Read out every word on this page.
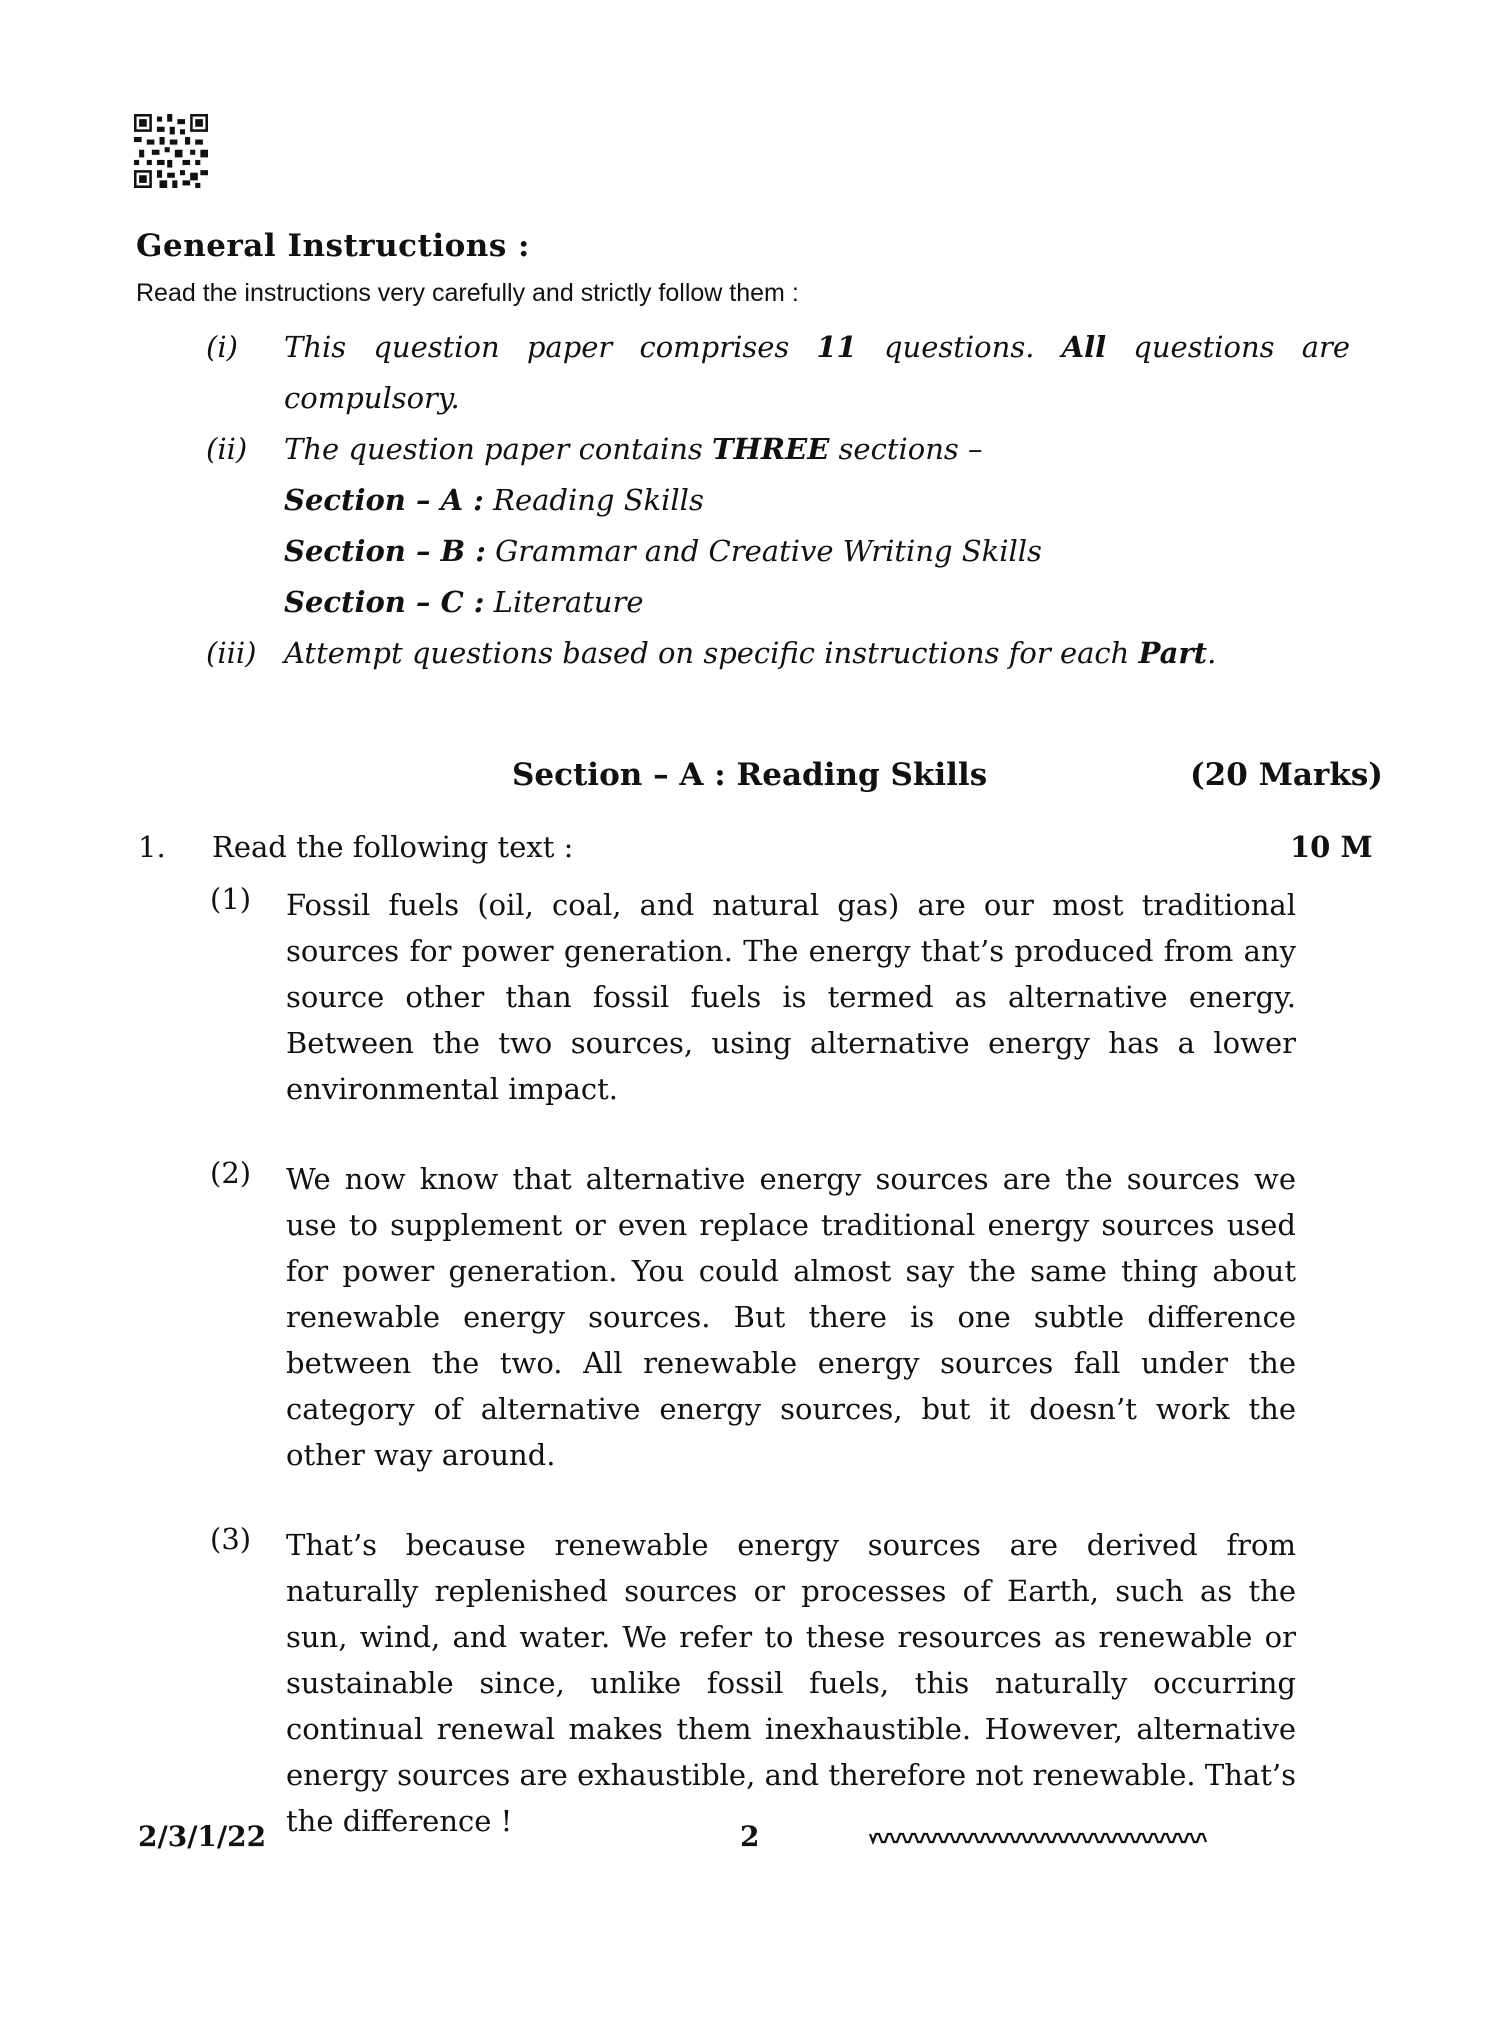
General Instructions :
Read the instructions very carefully and strictly follow them :
(i) This question paper comprises 11 questions. All questions are
compulsory.
(ii) The question paper contains THREE sections –
Section – A : Reading Skills
Section – B : Grammar and Creative Writing Skills
Section – C : Literature
(iii) Attempt questions based on specific instructions for each Part.
Section – A : Reading Skills	(20 Marks)
1. Read the following text :	10 M
(1) Fossil fuels (oil, coal, and natural gas) are our most traditional sources for power generation. The energy that’s produced from any source other than fossil fuels is termed as alternative energy. Between the two sources, using alternative energy has a lower environmental impact.
(2) We now know that alternative energy sources are the sources we use to supplement or even replace traditional energy sources used for power generation. You could almost say the same thing about renewable energy sources. But there is one subtle difference between the two. All renewable energy sources fall under the category of alternative energy sources, but it doesn’t work the other way around.
(3) That’s because renewable energy sources are derived from naturally replenished sources or processes of Earth, such as the sun, wind, and water. We refer to these resources as renewable or sustainable since, unlike fossil fuels, this naturally occurring continual renewal makes them inexhaustible. However, alternative energy sources are exhaustible, and therefore not renewable. That’s the difference !
2/3/1/22	2
